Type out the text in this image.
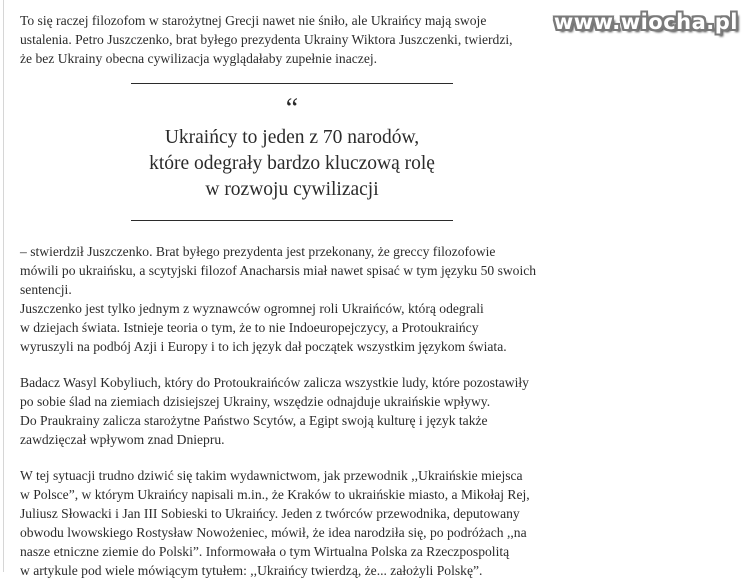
www.wiocha.pl

To się raczej filozofom w starożytnej Grecji nawet nie śniło, ale Ukraińcy mają swoje
ustalenia. Petro Juszczenko, brat byłego prezydenta Ukrainy Wiktora Juszczenki, twierdzi,
że bez Ukrainy obecna cywilizacja wyglądałaby zupełnie inaczej.

“
Ukraińcy to jeden z 70 narodów,
które odegrały bardzo kluczową rolę
w rozwoju cywilizacji

– stwierdził Juszczenko. Brat byłego prezydenta jest przekonany, że greccy filozofowie
mówili po ukraińsku, a scytyjski filozof Anacharsis miał nawet spisać w tym języku 50 swoich
sentencji.
Juszczenko jest tylko jednym z wyznawców ogromnej roli Ukraińców, którą odegrali
w dziejach świata. Istnieje teoria o tym, że to nie Indoeuropejczycy, a Protoukraińcy
wyruszyli na podbój Azji i Europy i to ich język dał początek wszystkim językom świata.

Badacz Wasyl Kobyliuch, który do Protoukraińców zalicza wszystkie ludy, które pozostawiły
po sobie ślad na ziemiach dzisiejszej Ukrainy, wszędzie odnajduje ukraińskie wpływy.
Do Praukrainy zalicza starożytne Państwo Scytów, a Egipt swoją kulturę i język także
zawdzięczał wpływom znad Dniepru.

W tej sytuacji trudno dziwić się takim wydawnictwom, jak przewodnik ,,Ukraińskie miejsca
w Polsce”, w którym Ukraińcy napisali m.in., że Kraków to ukraińskie miasto, a Mikołaj Rej,
Juliusz Słowacki i Jan III Sobieski to Ukraińcy. Jeden z twórców przewodnika, deputowany
obwodu lwowskiego Rostysław Nowożeniec, mówił, że idea narodziła się, po podróżach ,,na
nasze etniczne ziemie do Polski”. Informowała o tym Wirtualna Polska za Rzeczpospolitą
w artykule pod wiele mówiącym tytułem: ,,Ukraińcy twierdzą, że... założyli Polskę”.
